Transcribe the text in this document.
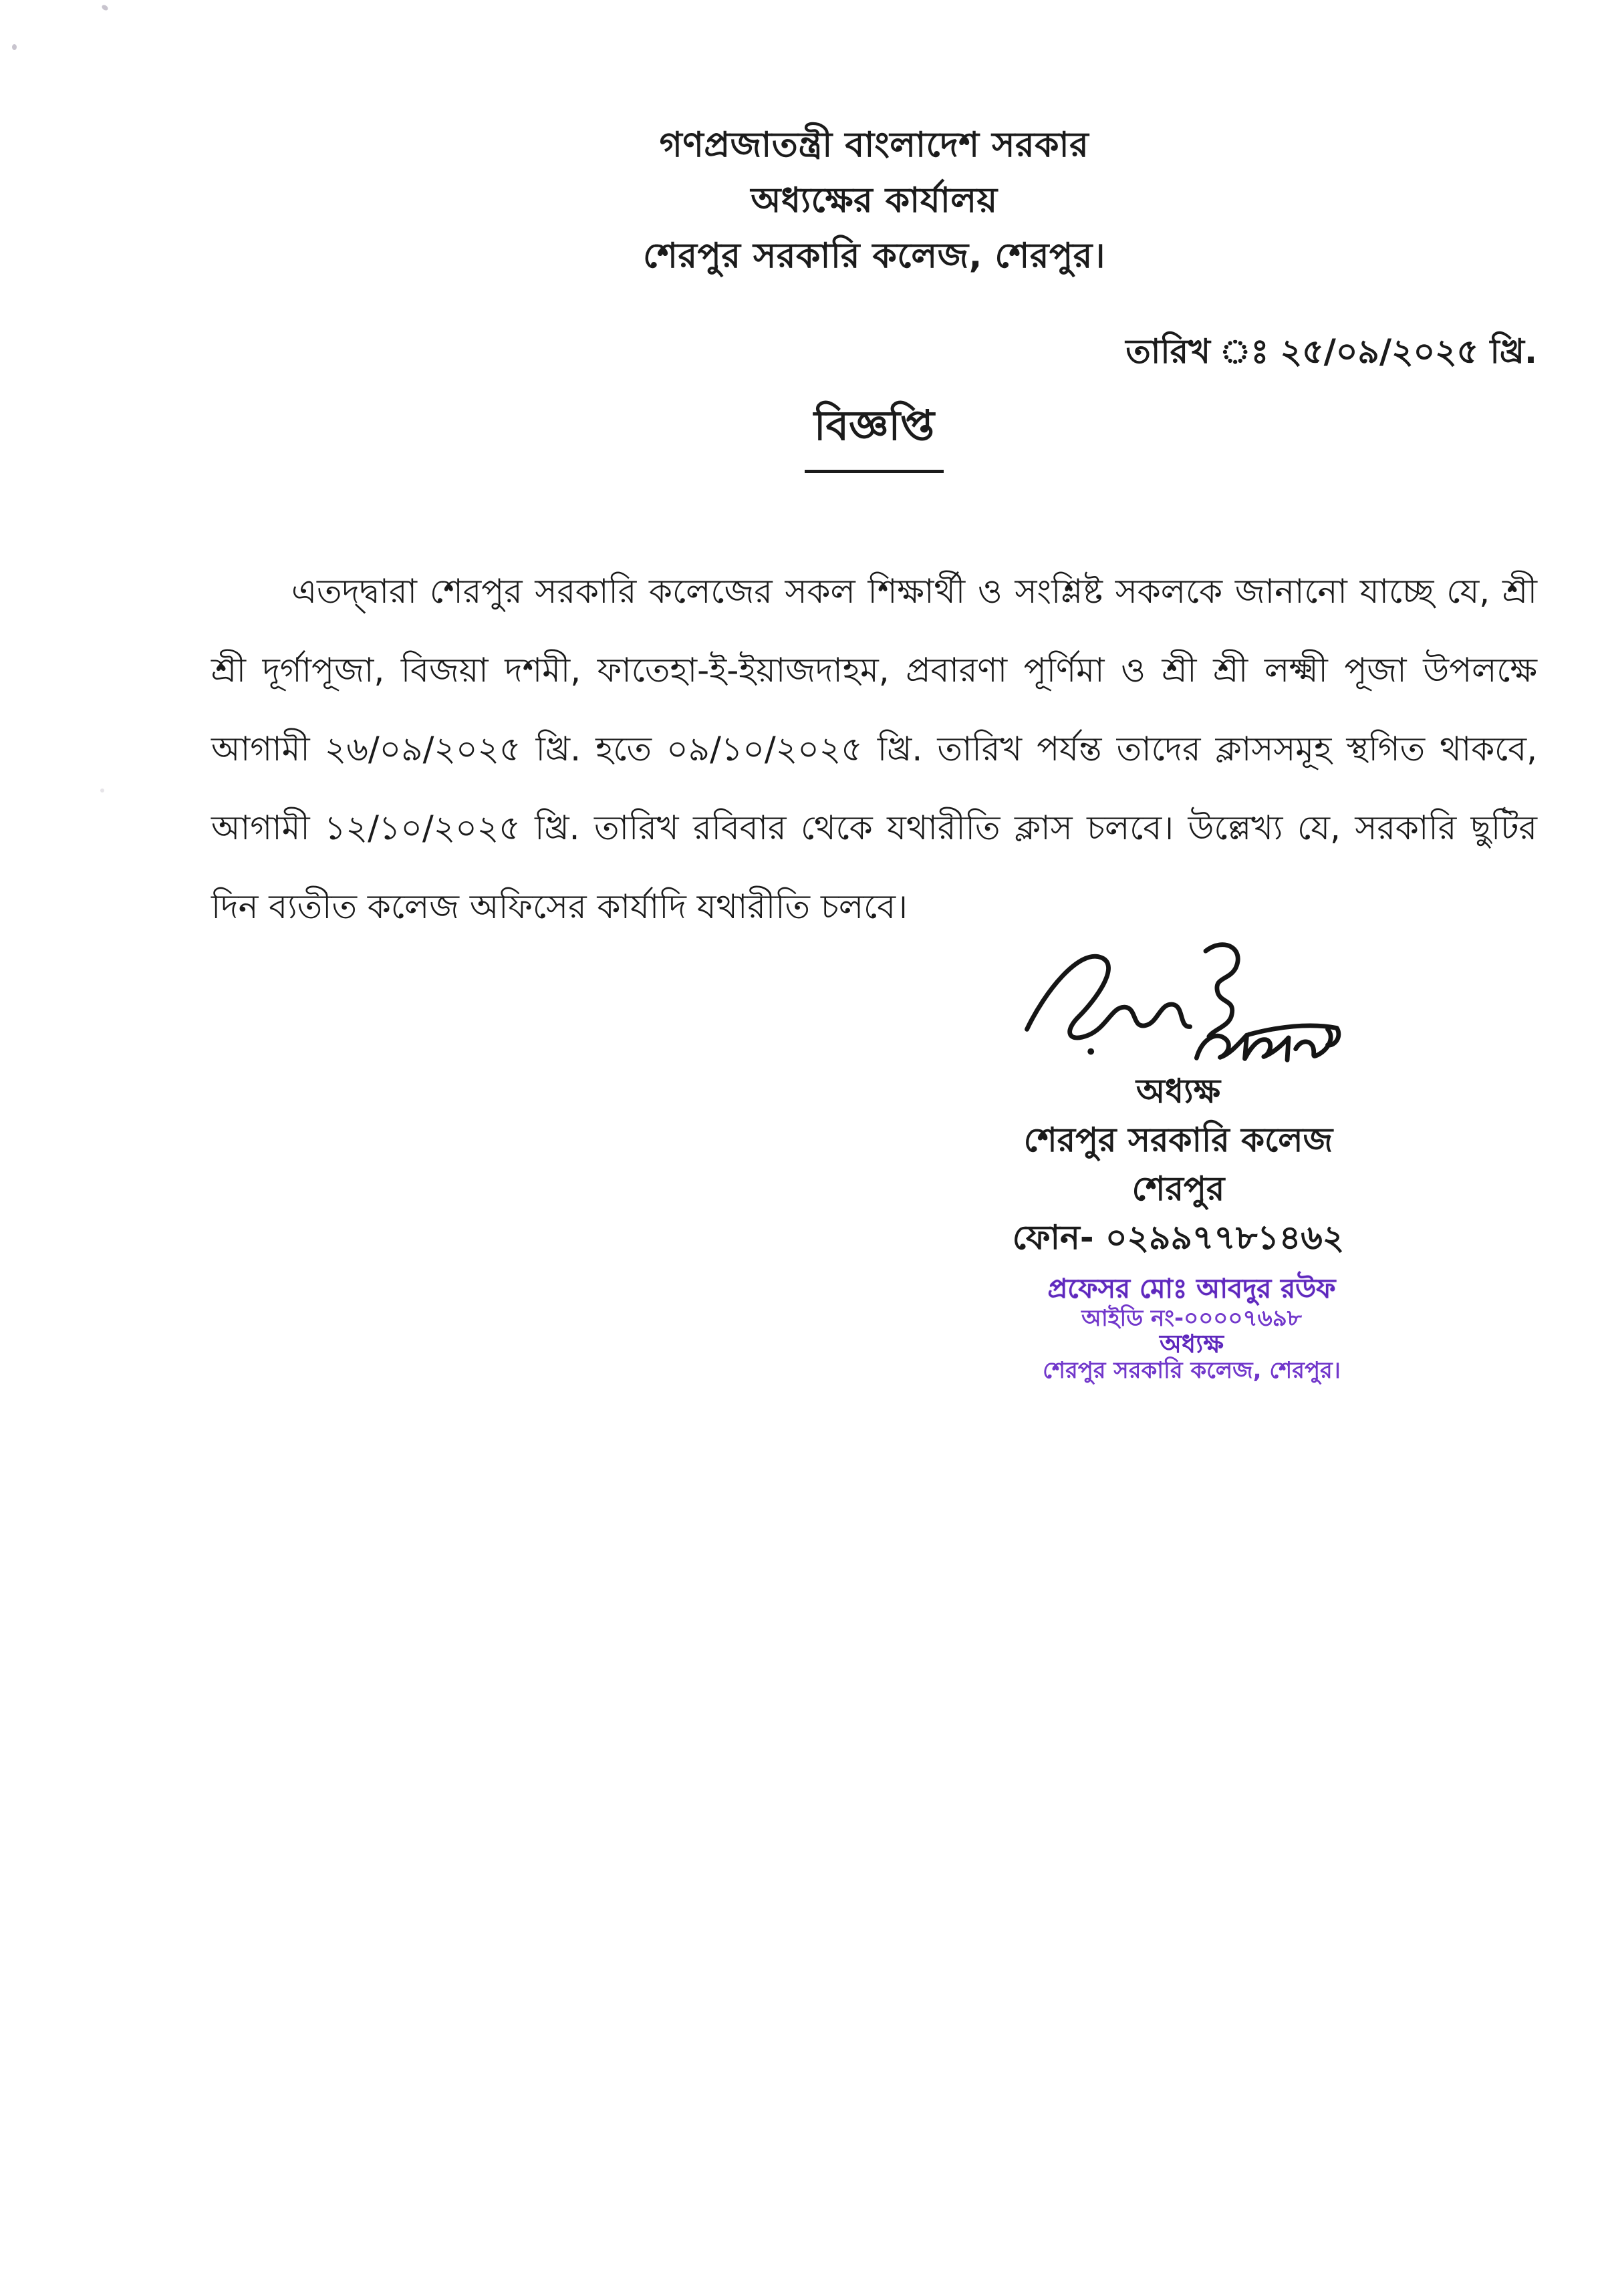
গণপ্রজাতন্ত্রী বাংলাদেশ সরকার
অধ্যক্ষের কার্যালয়
শেরপুর সরকারি কলেজ, শেরপুর।
তারিখ ঃ ২৫/০৯/২০২৫ খ্রি.
বিজ্ঞপ্তি
এতদ্দ্বারা শেরপুর সরকারি কলেজের সকল শিক্ষার্থী ও সংশ্লিষ্ট সকলকে জানানো যাচ্ছে যে, শ্রী শ্রী দূর্গাপূজা, বিজয়া দশমী, ফাতেহা-ই-ইয়াজদাহম, প্রবারণা পূর্ণিমা ও শ্রী শ্রী লক্ষ্মী পূজা উপলক্ষে আগামী ২৬/০৯/২০২৫ খ্রি. হতে ০৯/১০/২০২৫ খ্রি. তারিখ পর্যন্ত তাদের ক্লাসসমূহ স্থগিত থাকবে, আগামী ১২/১০/২০২৫ খ্রি. তারিখ রবিবার থেকে যথারীতি ক্লাস চলবে। উল্লেখ্য যে, সরকারি ছুটির দিন ব্যতীত কলেজ অফিসের কার্যাদি যথারীতি চলবে।
অধ্যক্ষ
শেরপুর সরকারি কলেজ
শেরপুর
ফোন- ০২৯৯৭৭৮১৪৬২
প্রফেসর মোঃ আবদুর রউফ
আইডি নং-০০০০৭৬৯৮
অধ্যক্ষ
শেরপুর সরকারি কলেজ, শেরপুর।
